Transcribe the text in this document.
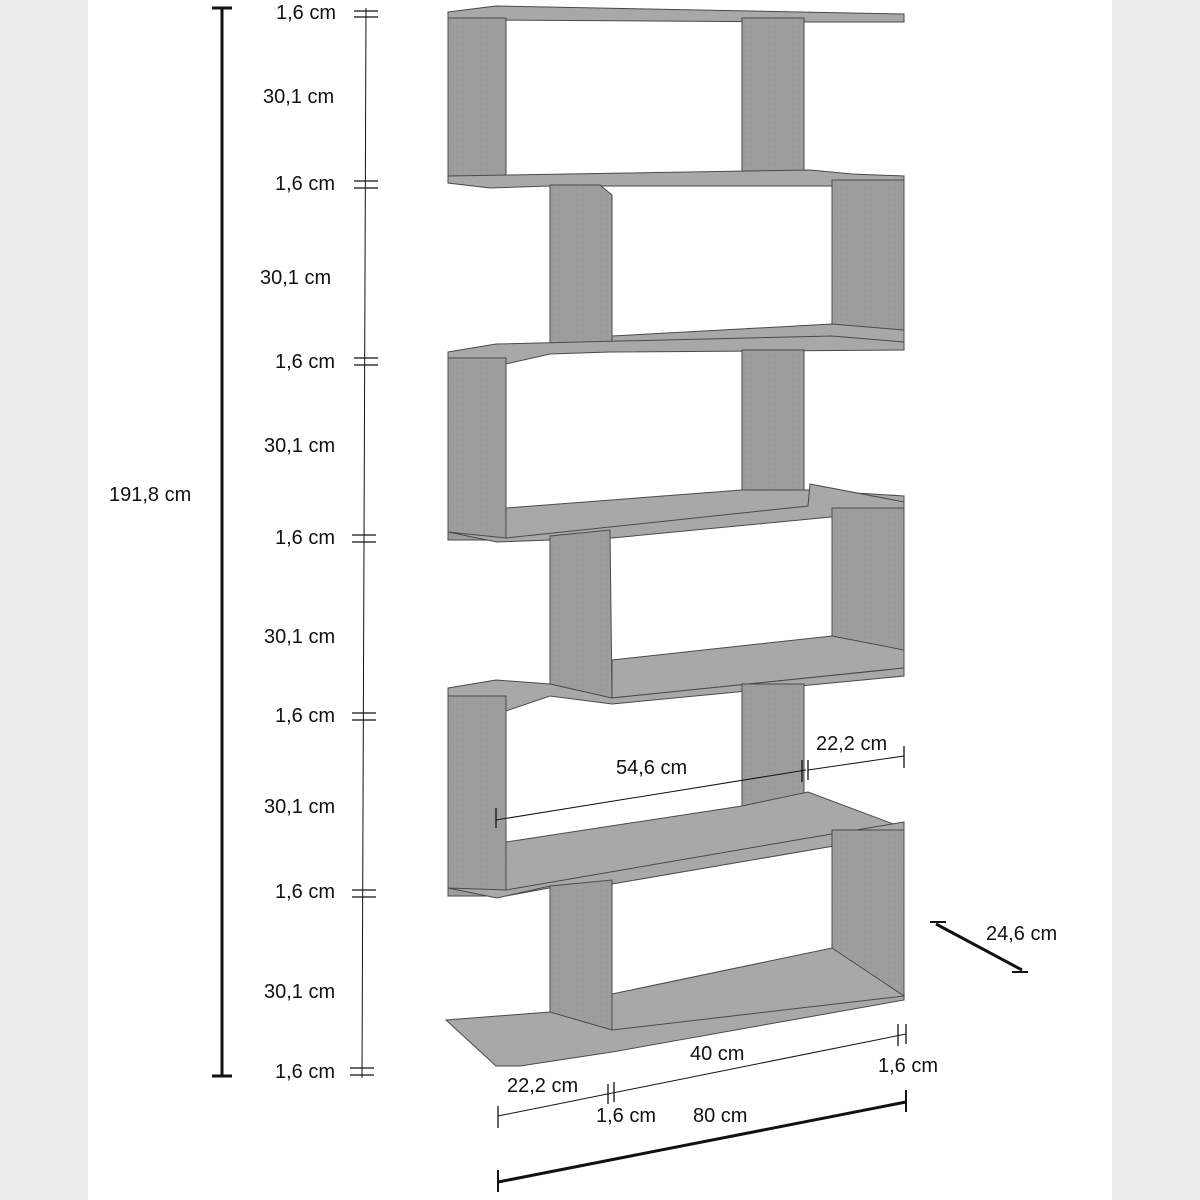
191,8 cm
1,6 cm
30,1 cm
1,6 cm
30,1 cm
1,6 cm
30,1 cm
1,6 cm
30,1 cm
1,6 cm
30,1 cm
1,6 cm
30,1 cm
1,6 cm
54,6 cm
22,2 cm
24,6 cm
1,6 cm
40 cm
22,2 cm
1,6 cm 80 cm
